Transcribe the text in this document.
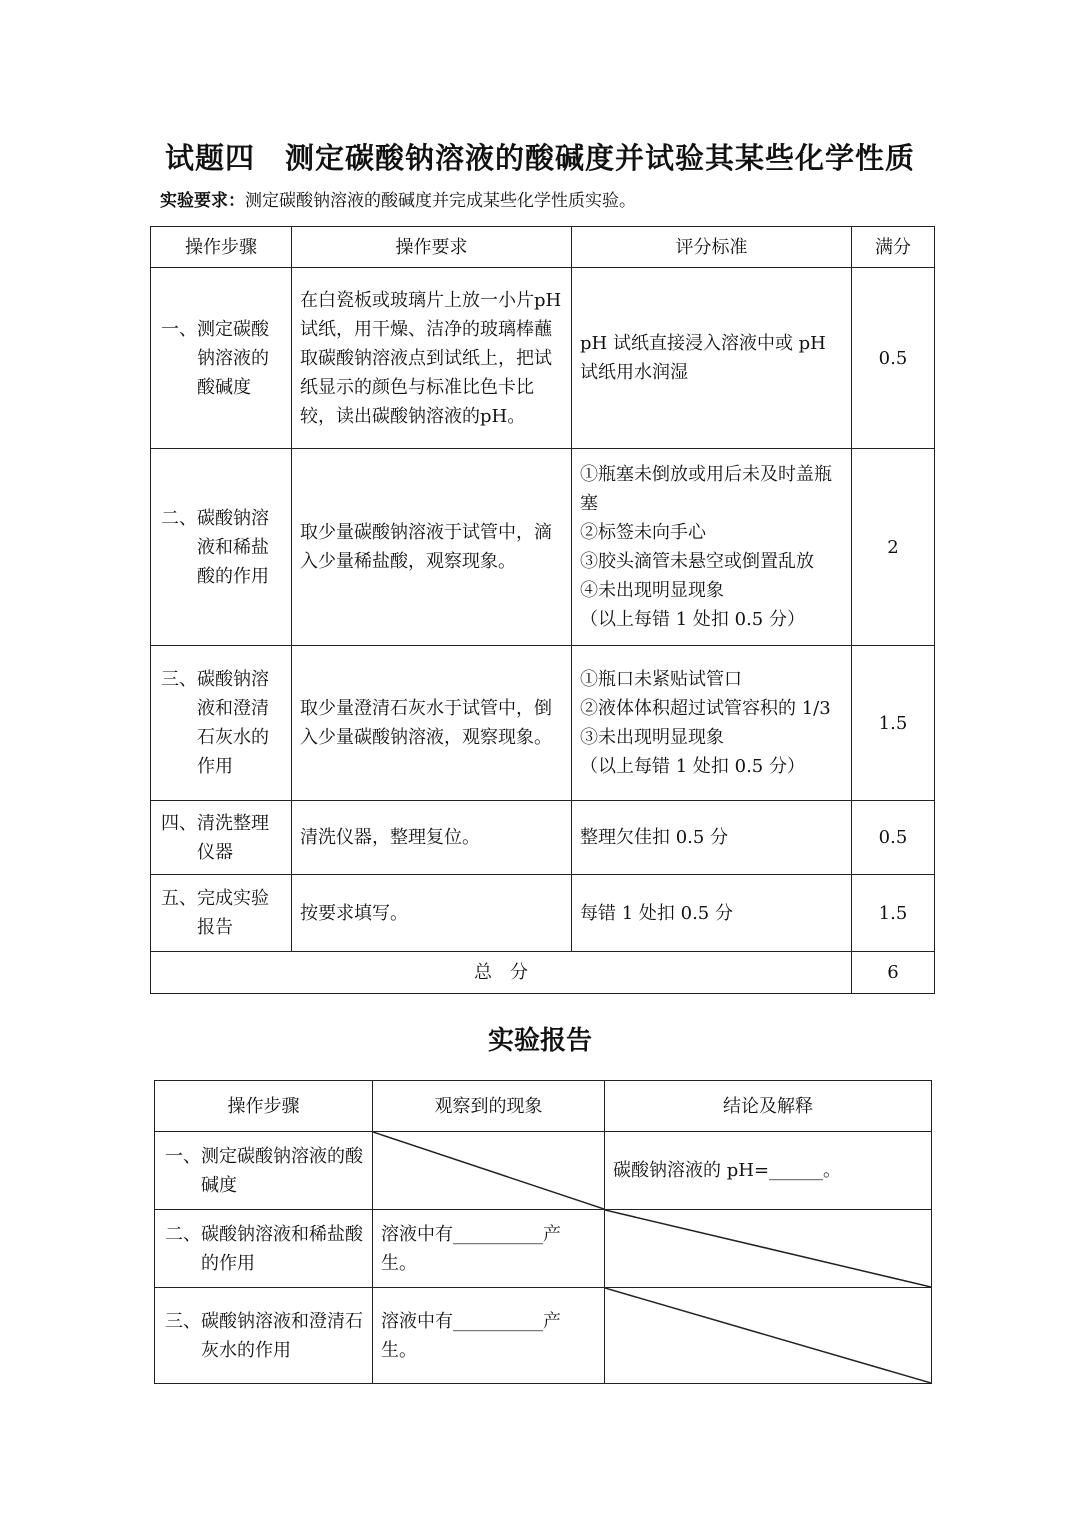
试题四　测定碳酸钠溶液的酸碱度并试验其某些化学性质
实验要求：测定碳酸钠溶液的酸碱度并完成某些化学性质实验。
操作步骤	操作要求	评分标准	满分

一、 测定碳酸钠溶液的酸碱度	在白瓷板或玻璃片上放一小片pH 试纸，用干燥、洁净的玻璃棒蘸取碳酸钠溶液点到试纸上，把试纸显示的颜色与标准比色卡比较，读出碳酸钠溶液的pH。	pH 试纸直接浸入溶液中或 pH 试纸用水润湿	0.5

二、 碳酸钠溶液和稀盐酸的作用	取少量碳酸钠溶液于试管中，滴入少量稀盐酸，观察现象。	①瓶塞未倒放或用后未及时盖瓶塞
②标签未向手心
③胶头滴管未悬空或倒置乱放
④未出现明显现象
（以上每错 1 处扣 0.5 分）	2

三、 碳酸钠溶液和澄清石灰水的作用	取少量澄清石灰水于试管中，倒入少量碳酸钠溶液，观察现象。	①瓶口未紧贴试管口
②液体体积超过试管容积的 1/3
③未出现明显现象
（以上每错 1 处扣 0.5 分）	1.5

四、 清洗整理仪器	清洗仪器，整理复位。	整理欠佳扣 0.5 分	0.5

五、 完成实验报告	按要求填写。	每错 1 处扣 0.5 分	1.5
总　分			6
实验报告
操作步骤	观察到的现象	结论及解释

一、 测定碳酸钠溶液的酸碱度		碳酸钠溶液的 pH=______。

二、 碳酸钠溶液和稀盐酸的作用	溶液中有__________产生。	

三、 碳酸钠溶液和澄清石灰水的作用	溶液中有__________产生。	
